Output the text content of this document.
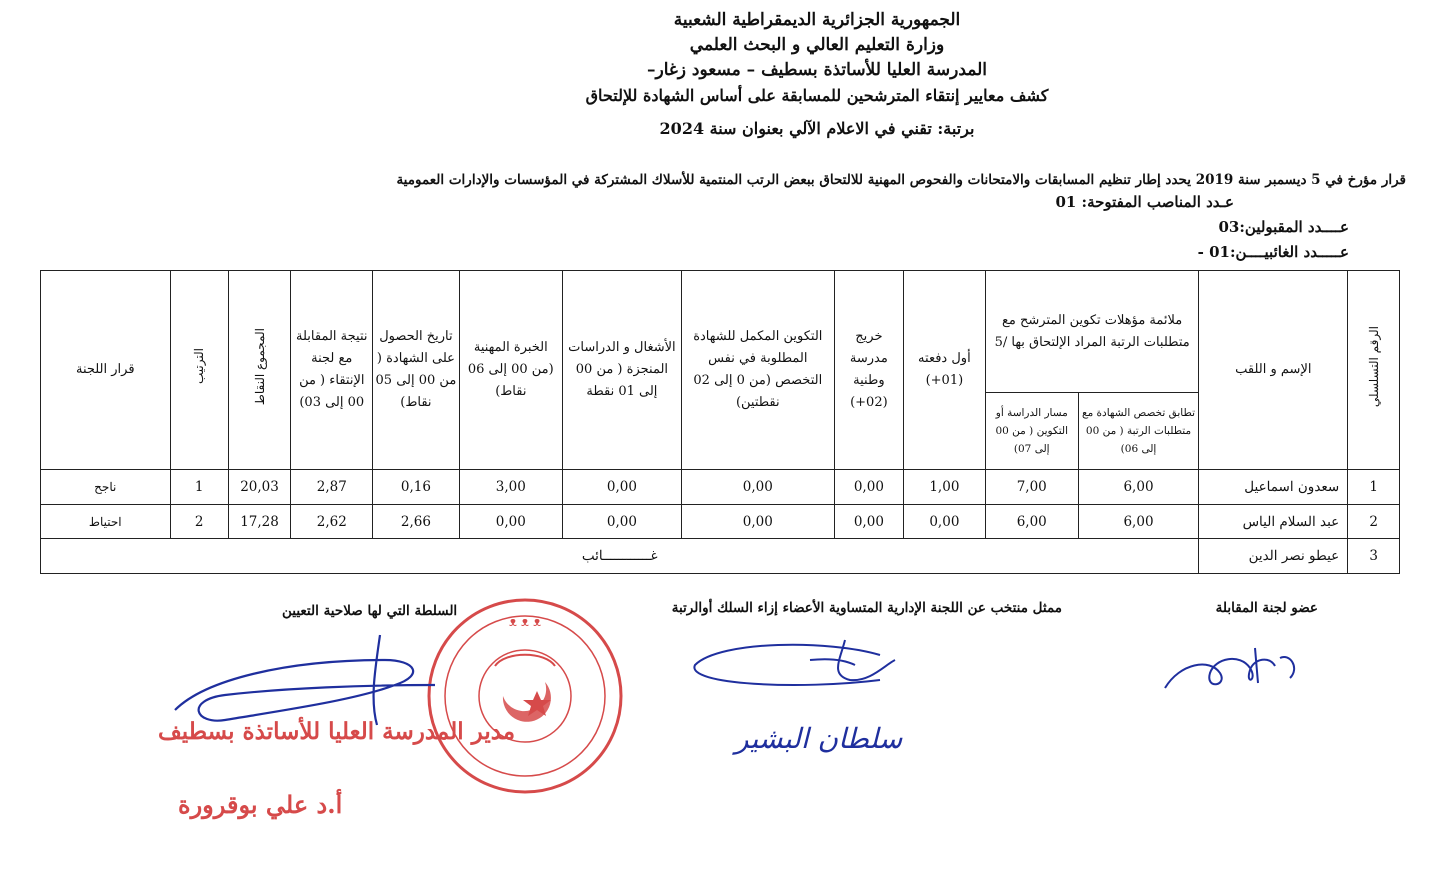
الجمهورية الجزائرية الديمقراطية الشعبية
وزارة التعليم العالي و البحث العلمي
المدرسة العليا للأساتذة بسطيف – مسعود زغار–
كشف معايير إنتقاء المترشحين للمسابقة على أساس الشهادة للإلتحاق
برتبة: تقني في الاعلام الآلي بعنوان سنة 2024
قرار مؤرخ في 5 ديسمبر سنة 2019 يحدد إطار تنظيم المسابقات والامتحانات والفحوص المهنية للالتحاق ببعض الرتب المنتمية للأسلاك المشتركة في المؤسسات والإدارات العمومية
عـدد المناصب المفتوحة: 01
عــــدد المقبولين:03
عـــــدد الغائبيــــن:01 -
الرقم التسلسلي	الإسم و اللقب	ملائمة مؤهلات تكوين المترشح مع متطلبات الرتبة المراد الإلتحاق بها /5		أول دفعته (01+)	خريج مدرسة وطنية (02+)	التكوين المكمل للشهادة المطلوبة في نفس التخصص (من 0 إلى 02 نقطتين)	الأشغال و الدراسات المنجزة ( من 00 إلى 01 نقطة	الخبرة المهنية (من 00 إلى 06 نقاط)	تاريخ الحصول على الشهادة ( من 00 إلى 05 نقاط)	نتيجة المقابلة مع لجنة الإنتقاء ( من 00 إلى 03)	المجموع النقاط	الترتيب	قرار اللجنة
		تطابق تخصص الشهادة مع متطلبات الرتبة ( من 00 إلى 06)	مسار الدراسة أو التكوين ( من 00 إلى 07)										
1	سعدون اسماعيل	6,00	7,00	1,00	0,00	0,00	0,00	3,00	0,16	2,87	20,03	1	ناجح
2	عبد السلام الياس	6,00	6,00	0,00	0,00	0,00	0,00	0,00	2,66	2,62	17,28	2	احتياط
3	عيطو نصر الدين	غــــــــــــائب											
عضو لجنة المقابلة
ممثل منتخب عن اللجنة الإدارية المتساوية الأعضاء إزاء السلك أوالرتبة
السلطة التي لها صلاحية التعيين
سلطان البشير
ᴥ ᴥ ᴥ
مدير المدرسة العليا للأساتذة بسطيف
أ.د علي بوقرورة
